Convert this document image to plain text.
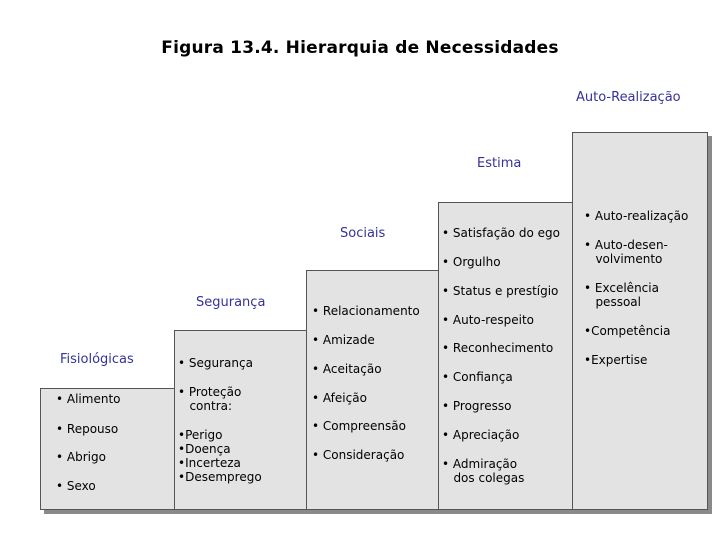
Figura 13.4. Hierarquia de Necessidades
Fisiológicas
Segurança
Sociais
Estima
Auto-Realização
• Alimento
• Repouso
• Abrigo
• Sexo
• Segurança
• Proteção
contra:
•Perigo
•Doença
•Incerteza
•Desemprego
• Relacionamento
• Amizade
• Aceitação
• Afeição
• Compreensão
• Consideração
• Satisfação do ego
• Orgulho
• Status e prestígio
• Auto-respeito
• Reconhecimento
• Confiança
• Progresso
• Apreciação
• Admiração
dos colegas
• Auto-realização
• Auto-desen-
volvimento
• Excelência
pessoal
•Competência
•Expertise
